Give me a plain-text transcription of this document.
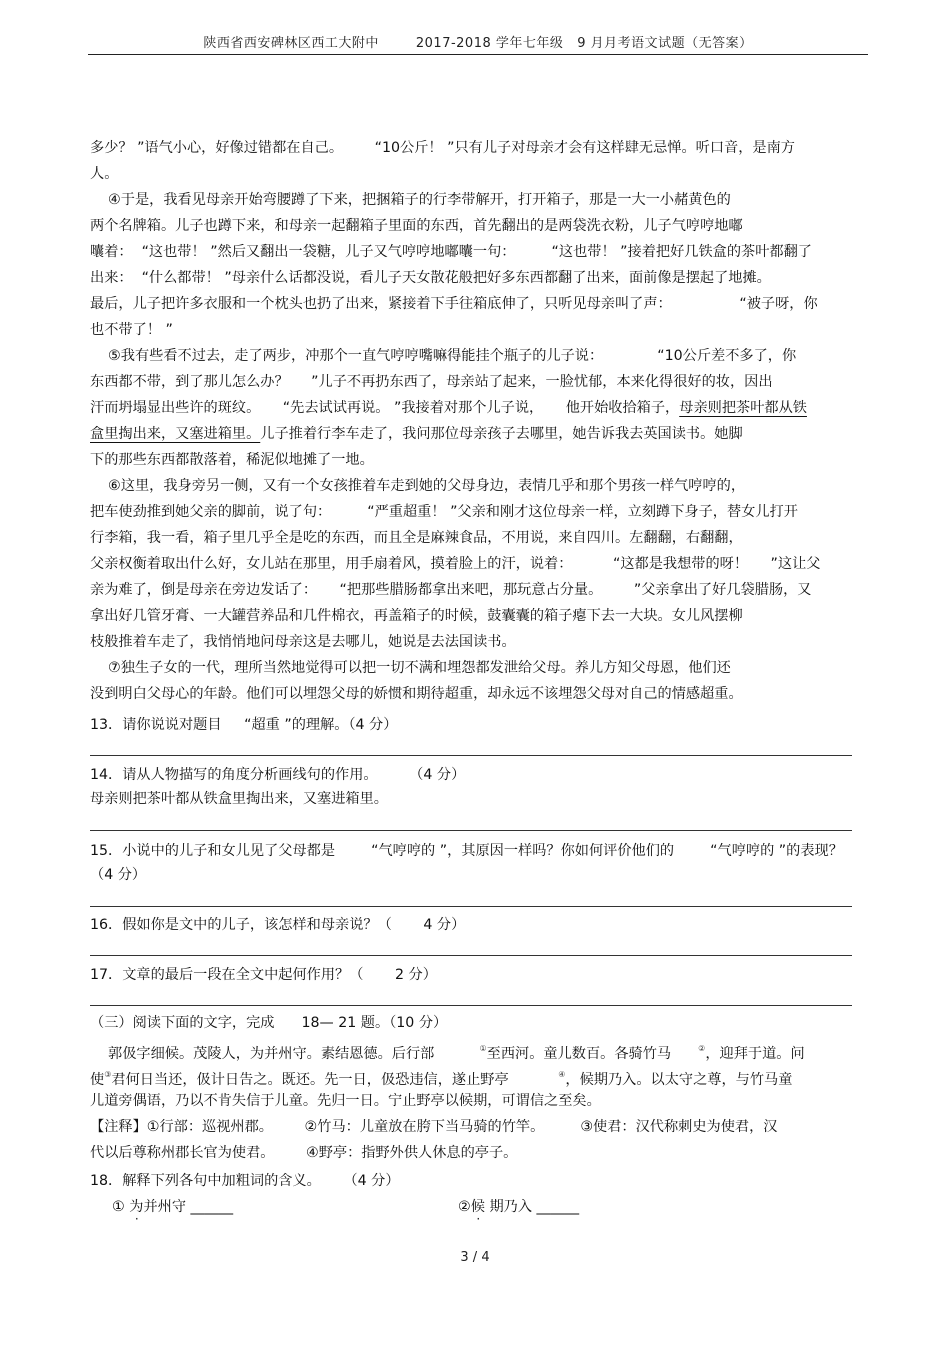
陕西省西安碑林区西工大附中	2017-2018 学年七年级   9 月月考语文试题（无答案）
多少？ ”语气小心，好像过错都在自己。       “10公斤！ ”只有儿子对母亲才会有这样肆无忌惮。听口音，是南方
人。
④于是，我看见母亲开始弯腰蹲了下来，把捆箱子的行李带解开，打开箱子，那是一大一小赭黄色的
两个名牌箱。儿子也蹲下来，和母亲一起翻箱子里面的东西，首先翻出的是两袋洗衣粉，儿子气哼哼地嘟
囔着：  “这也带！ ”然后又翻出一袋糖，儿子又气哼哼地嘟囔一句：        “这也带！ ”接着把好几铁盒的茶叶都翻了
出来：  “什么都带！ ”母亲什么话都没说，看儿子天女散花般把好多东西都翻了出来，面前像是摆起了地摊。
最后，儿子把许多衣服和一个枕头也扔了出来，紧接着下手往箱底伸了，只听见母亲叫了声：               “被子呀，你
也不带了！ ”
⑤我有些看不过去，走了两步，冲那个一直气哼哼嘴嘛得能挂个瓶子的儿子说：            “10公斤差不多了，你
东西都不带，到了那儿怎么办？     ”儿子不再扔东西了，母亲站了起来，一脸忧郁，本来化得很好的妆，因出
汗而坍塌显出些许的斑纹。     “先去试试再说。 ”我接着对那个儿子说，     他开始收拾箱子，母亲则把茶叶都从铁
盒里掏出来，又塞进箱里。儿子推着行李车走了，我问那位母亲孩子去哪里，她告诉我去英国读书。她脚
下的那些东西都散落着，稀泥似地摊了一地。
⑥这里，我身旁另一侧，又有一个女孩推着车走到她的父母身边，表情几乎和那个男孩一样气哼哼的，
把车使劲推到她父亲的脚前，说了句：        “严重超重！ ”父亲和刚才这位母亲一样，立刻蹲下身子，替女儿打开
行李箱，我一看，箱子里几乎全是吃的东西，而且全是麻辣食品，不用说，来自四川。左翻翻，右翻翻，
父亲权衡着取出什么好，女儿站在那里，用手扇着风，摸着脸上的汗，说着：         “这都是我想带的呀！     ”这让父
亲为难了，倒是母亲在旁边发话了：     “把那些腊肠都拿出来吧，那玩意占分量。       ”父亲拿出了好几袋腊肠，又
拿出好几管牙膏、一大罐营养品和几件棉衣，再盖箱子的时候，鼓囊囊的箱子瘪下去一大块。女儿风摆柳
枝般推着车走了，我悄悄地问母亲这是去哪儿，她说是去法国读书。
⑦独生子女的一代，理所当然地觉得可以把一切不满和埋怨都发泄给父母。养儿方知父母恩，他们还
没到明白父母心的年龄。他们可以埋怨父母的娇惯和期待超重，却永远不该埋怨父母对自己的情感超重。
13．请你说说对题目     “超重 ”的理解。（4 分）
14．请从人物描写的角度分析画线句的作用。       （4 分）
母亲则把茶叶都从铁盒里掏出来，又塞进箱里。
15．小说中的儿子和女儿见了父母都是        “气哼哼的 ”，其原因一样吗？你如何评价他们的        “气哼哼的 ”的表现？
（4 分）
16．假如你是文中的儿子，该怎样和母亲说？（       4 分）
17．文章的最后一段在全文中起何作用？（       2 分）
（三）阅读下面的文字，完成      18— 21 题。（10 分）
郭伋字细候。茂陵人，为并州守。素结恩德。后行部	①至西河。童儿数百。各骑竹马	②，迎拜于道。问
使③君何日当还，伋计日告之。既还。先一日，伋恐违信，遂止野亭	④，候期乃入。以太守之尊，与竹马童
儿道旁偶语，乃以不肯失信于儿童。先归一日。宁止野亭以候期，可谓信之至矣。
【注释】①行部：巡视州郡。       ②竹马：儿童放在胯下当马骑的竹竿。        ③使君：汉代称刺史为使君，汉
代以后尊称州郡长官为使君。       ④野亭：指野外供人休息的亭子。
18．解释下列各句中加粗词的含义。     （4 分）
① 为并州守 ______	②候 期乃入 ______
3 / 4
